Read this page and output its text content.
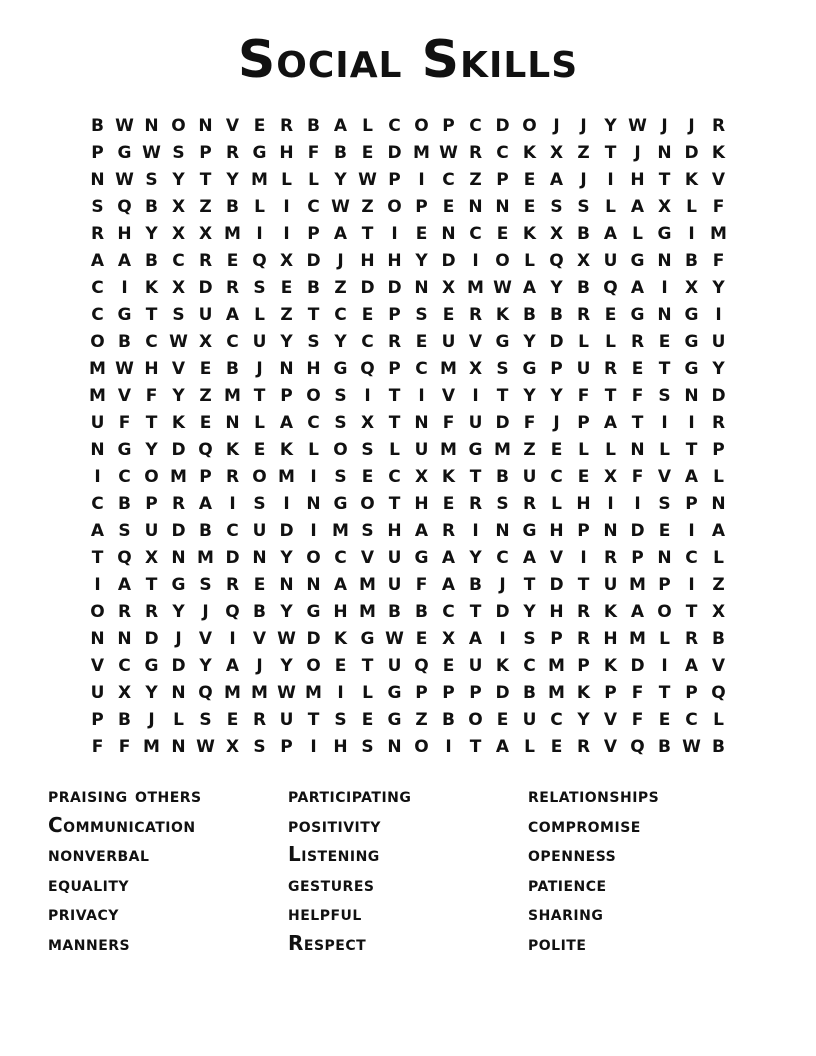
Social Skills
B W N O N V E R B A L C O P C D O J	J	Y W J	J	R
P G W S P R G H F B E D M W R C K X Z T	J N D K
N W S Y T Y M L L Y W P	I	C Z P E A	J	I H T K V
S Q B X Z B L	I	C W Z O P E N N E S S L A X L F
R H Y X X M I	I	P A T	I	E N C E K X B A L G I M
A A B C R E Q X D J H H Y D I O L Q X U G N B F
C	I	K X D R S E B Z D D N X M W A Y B Q A	I	X Y
C G T S U A L Z T C E P S E R K B B R E G N G I
O B C W X C U Y S Y C R E U V G Y D L L R E G U
M W H V E B	J N H G Q P C M X S G P U R E T G Y
M V F Y Z M T P O S	I	T	I	V	I	T Y Y F T F S N D
U F T K E N L A C S X T N F U D F	J	P A T	I	I	R
N G Y D Q K E K L O S L U M G M Z E L L N L T P
I	C O M P R O M I	S E C X K T B U C E X F V A L
C B P R A	I	S	I N G O T H E R S R L H I	I	S P N
A S U D B C U D I M S H A R	I N G H P N D E	I	A
T Q X N M D N Y O C V U G A Y C A V	I	R P N C L
I	A T G S R E N N A M U F A B	J	T D T U M P	I	Z
O R R Y	J Q B Y G H M B B C T D Y H R K A O T X
N N D J	V	I	V W D K G W E X A	I	S P R H M L R B
V C G D Y A	J	Y O E T U Q E U K C M P K D I	A V
U X Y N Q M M W M I	L G P P P D B M K P F T P Q
P B	J	L S E R U T S E G Z B O E U C Y V F E C L
F F M N W X S P	I H S N O I	T A L E R V Q B W B
praising others
Communication
nonverbal
equality
privacy
manners
participating
positivity
Listening
gestures
helpful
Respect
relationships
compromise
openness
patience
sharing
polite
